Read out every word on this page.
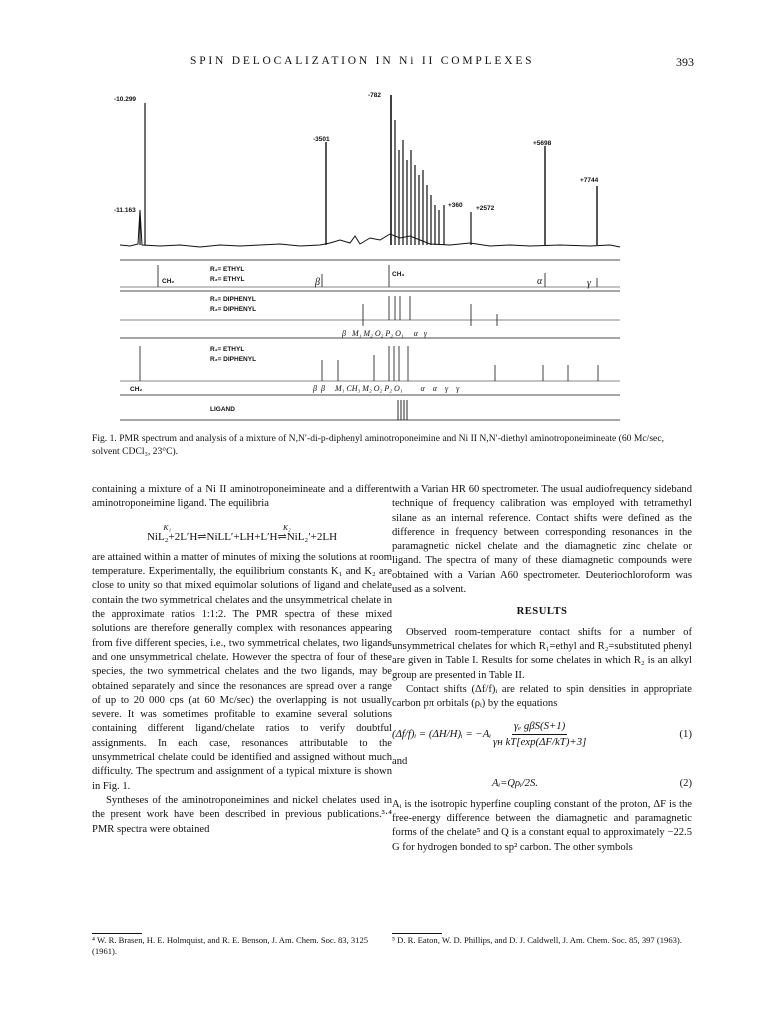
SPIN DELOCALIZATION IN Ni II COMPLEXES	393
-10.299
-11.163
-782
-3501
+360 +2572
+5698
+7744
CH₂
R₁= ETHYL
R₂= ETHYL	β
CH₃
α	γ
R₁= DIPHENYL
R₂= DIPHENYL
β   M₁ M₂ O₂ P₂ O₁     α   γ
CH₂
R₁= ETHYL
R₂= DIPHENYL
β  β     M₁ CH₃ M₂ O₂ P₂ O₁         α    α    γ    γ
LIGAND
Fig. 1. PMR spectrum and analysis of a mixture of N,N′-di-p-diphenyl aminotroponeimine and Ni II N,N′-diethyl aminotroponeimineate (60 Mc/sec, solvent CDCl₃, 23°C).

containing a mixture of a Ni II aminotroponeimineate and a different aminotroponeimine ligand. The equilibria

K₁	K₂
NiL₂+2L′H⇌NiLL′+LH+L′H⇌NiL₂′+2LH

are attained within a matter of minutes of mixing the solutions at room temperature. Experimentally, the equilibrium constants K₁ and K₂ are close to unity so that mixed equimolar solutions of ligand and chelate contain the two symmetrical chelates and the unsymmetrical chelate in the approximate ratios 1:1:2. The PMR spectra of these mixed solutions are therefore generally complex with resonances appearing from five different species, i.e., two symmetrical chelates, two ligands and one unsymmetrical chelate. However the spectra of four of these species, the two symmetrical chelates and the two ligands, may be obtained separately and since the resonances are spread over a range of up to 20 000 cps (at 60 Mc/sec) the overlapping is not usually severe. It was sometimes profitable to examine several solutions containing different ligand/chelate ratios to verify doubtful assignments. In each case, resonances attributable to the unsymmetrical chelate could be identified and assigned without much difficulty. The spectrum and assignment of a typical mixture is shown in Fig. 1.

Syntheses of the aminotroponeimines and nickel chelates used in the present work have been described in previous publications.³·⁴ PMR spectra were obtained

with a Varian HR 60 spectrometer. The usual audiofrequency sideband technique of frequency calibration was employed with tetramethyl silane as an internal reference. Contact shifts were defined as the difference in frequency between corresponding resonances in the paramagnetic nickel chelate and the diamagnetic zinc chelate or ligand. The spectra of many of these diamagnetic compounds were obtained with a Varian A60 spectrometer. Deuteriochloroform was used as a solvent.

RESULTS

Observed room-temperature contact shifts for a number of unsymmetrical chelates for which R₁=ethyl and R₂=substituted phenyl are given in Table I. Results for some chelates in which R₂ is an alkyl group are presented in Table II.

Contact shifts (Δf/f)ᵢ are related to spin densities in appropriate carbon pπ orbitals (ρᵢ) by the equations

(Δf/f)ᵢ = (ΔH/H)ᵢ = −Aᵢ $\frac{\text{γₑ gβS(S+1)}}{\text{γʜ kT[exp(ΔF/kT)+3]}}$	(1)

and

Aᵢ=Qρᵢ/2S.	(2)

Aᵢ is the isotropic hyperfine coupling constant of the proton, ΔF is the free-energy difference between the diamagnetic and paramagnetic forms of the chelate⁵ and Q is a constant equal to approximately −22.5 G for hydrogen bonded to sp² carbon. The other symbols

⁴ W. R. Brasen, H. E. Holmquist, and R. E. Benson, J. Am. Chem. Soc. 83, 3125 (1961).
⁵ D. R. Eaton, W. D. Phillips, and D. J. Caldwell, J. Am. Chem. Soc. 85, 397 (1963).
